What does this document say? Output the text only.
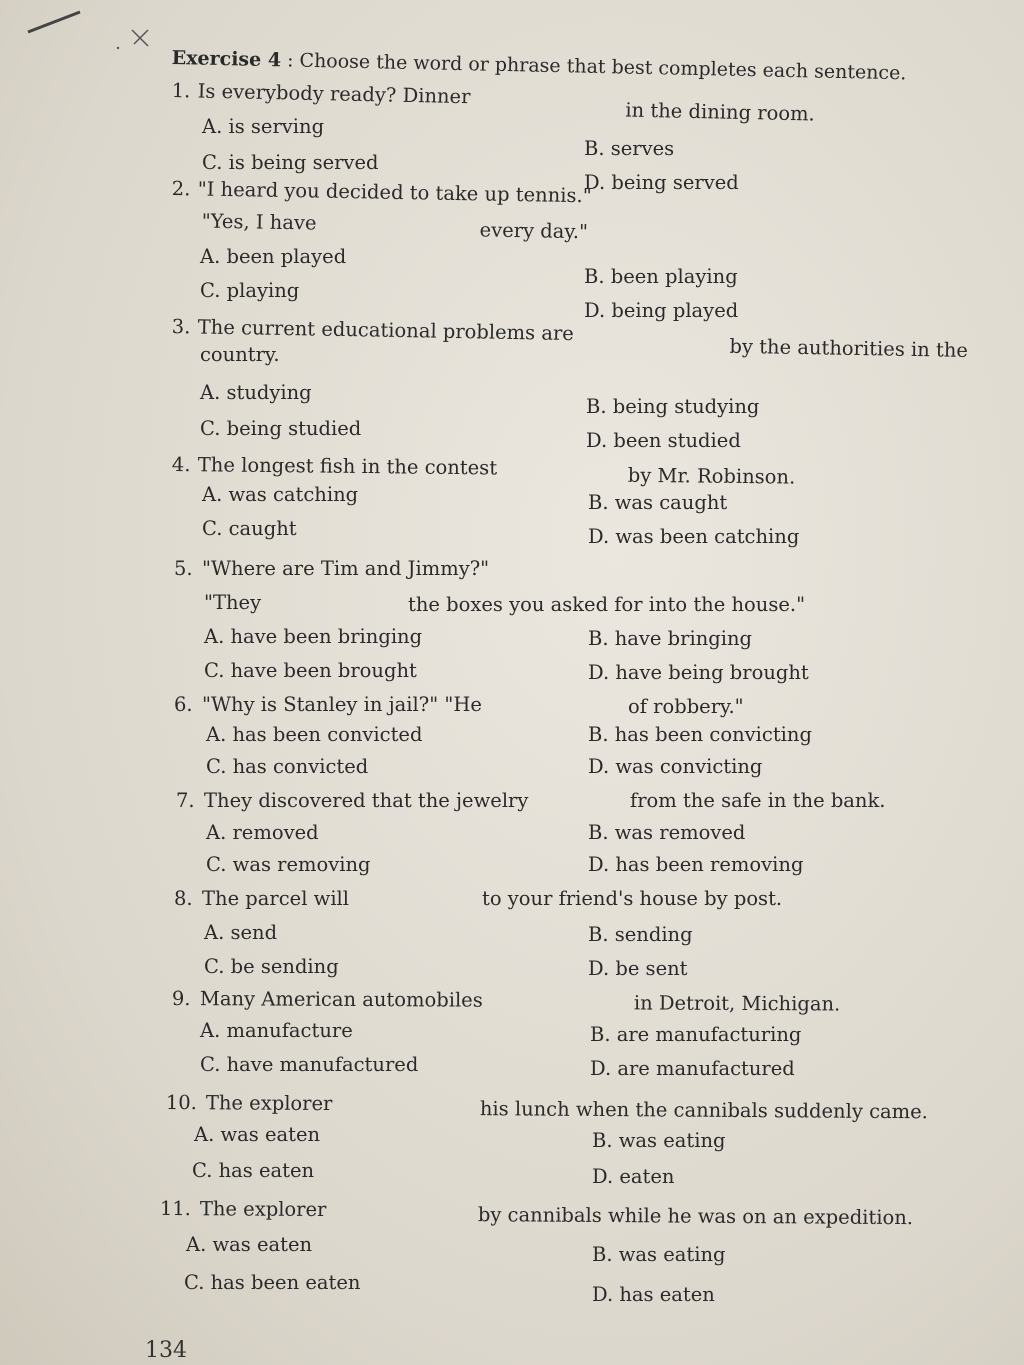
Exercise 4 : Choose the word or phrase that best completes each sentence.
1. Is everybody ready? Dinner
in the dining room.
A. is serving
B. serves
C. is being served
D. being served
2. "I heard you decided to take up tennis."
"Yes, I have	every day."
A. been played
B. been playing
C. playing
D. being played
3. The current educational problems are
by the authorities in the
country.
A. studying
B. being studying
C. being studied
D. been studied
4. The longest fish in the contest	by Mr. Robinson.
A. was catching	B. was caught
C. caught	D. was been catching
5. "Where are Tim and Jimmy?"
"They	the boxes you asked for into the house."
A. have been bringing	B. have bringing
C. have been brought	D. have being brought
6. "Why is Stanley in jail?" "He	of robbery."
A. has been convicted	B. has been convicting
C. has convicted	D. was convicting
7. They discovered that the jewelry	from the safe in the bank.
A. removed	B. was removed
C. was removing	D. has been removing
8. The parcel will	to your friend's house by post.
A. send	B. sending
C. be sending	D. be sent
9. Many American automobiles	in Detroit, Michigan.
A. manufacture	B. are manufacturing
C. have manufactured	D. are manufactured
10. The explorer	his lunch when the cannibals suddenly came.
A. was eaten	B. was eating
C. has eaten	D. eaten
11. The explorer	by cannibals while he was on an expedition.
A. was eaten	B. was eating
C. has been eaten
D. has eaten
134
